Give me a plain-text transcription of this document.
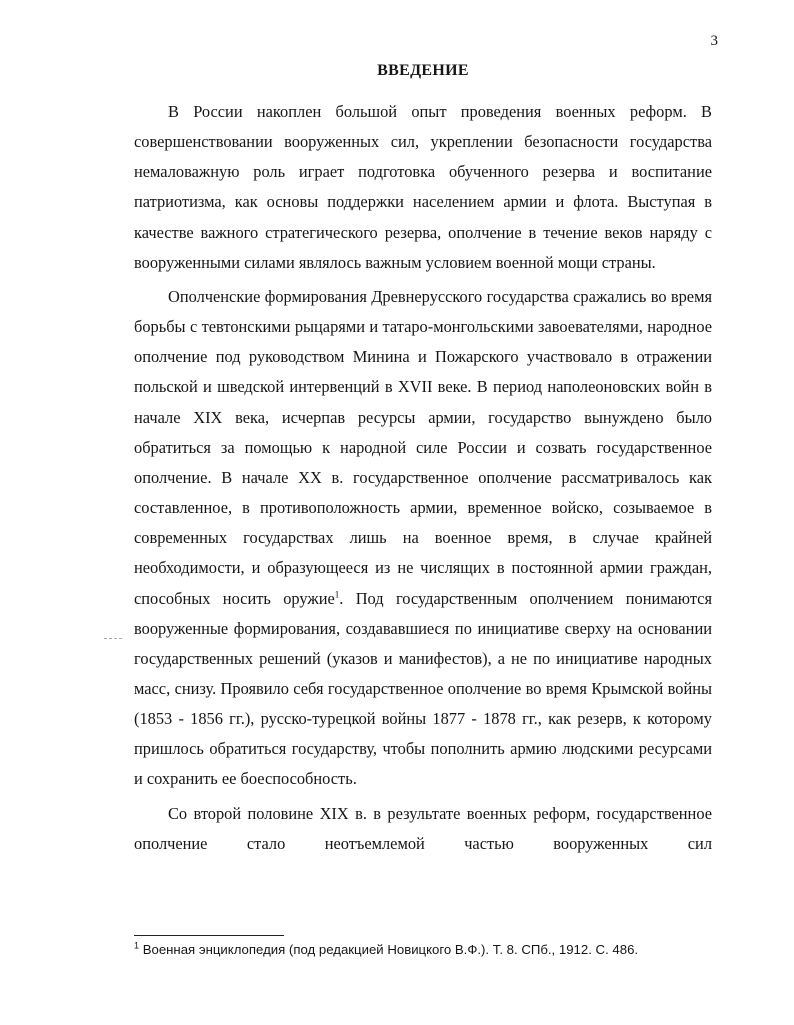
3
ВВЕДЕНИЕ

В России накоплен большой опыт проведения военных реформ. В совершенствовании вооруженных сил, укреплении безопасности государства немаловажную роль играет подготовка обученного резерва и воспитание патриотизма, как основы поддержки населением армии и флота. Выступая в качестве важного стратегического резерва, ополчение в течение веков наряду с вооруженными силами являлось важным условием военной мощи страны.

Ополченские формирования Древнерусского государства сражались во время борьбы с тевтонскими рыцарями и татаро-монгольскими завоевателями, народное ополчение под руководством Минина и Пожарского участвовало в отражении польской и шведской интервенций в XVII веке. В период наполеоновских войн в начале XIX века, исчерпав ресурсы армии, государство вынуждено было обратиться за помощью к народной силе России и созвать государственное ополчение. В начале XX в. государственное ополчение рассматривалось как составленное, в противоположность армии, временное войско, созываемое в современных государствах лишь на военное время, в случае крайней необходимости, и образующееся из не числящих в постоянной армии граждан, способных носить оружие$^1$. Под государственным ополчением понимаются вооруженные формирования, создававшиеся по инициативе сверху на основании государственных решений (указов и манифестов), а не по инициативе народных масс, снизу. Проявило себя государственное ополчение во время Крымской войны (1853 - 1856 гг.), русско-турецкой войны 1877 - 1878 гг., как резерв, к которому пришлось обратиться государству, чтобы пополнить армию людскими ресурсами и сохранить ее боеспособность.

Со второй половине XIX в. в результате военных реформ, государственное ополчение стало неотъемлемой частью вооруженных сил

$^1$ Военная энциклопедия (под редакцией Новицкого В.Ф.). Т. 8. СПб., 1912. С. 486.
